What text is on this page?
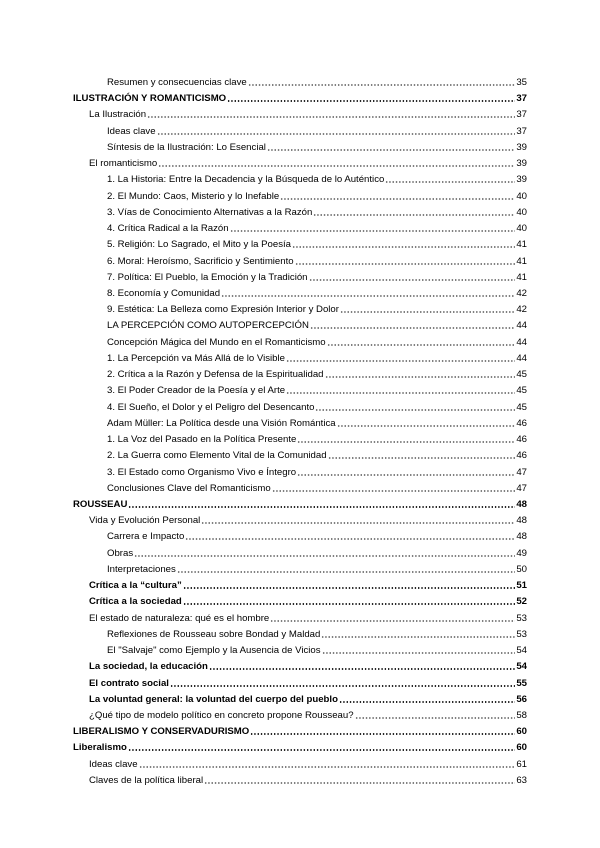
Resumen y consecuencias clave	35
ILUSTRACIÓN Y ROMANTICISMO	37
La Ilustración	37
Ideas clave	37
Síntesis de la Ilustración: Lo Esencial	39
El romanticismo	39
1. La Historia: Entre la Decadencia y la Búsqueda de lo Auténtico	39
2. El Mundo: Caos, Misterio y lo Inefable	40
3. Vías de Conocimiento Alternativas a la Razón	40
4. Crítica Radical a la Razón	40
5. Religión: Lo Sagrado, el Mito y la Poesía	41
6. Moral: Heroísmo, Sacrificio y Sentimiento	41
7. Política: El Pueblo, la Emoción y la Tradición	41
8. Economía y Comunidad	42
9. Estética: La Belleza como Expresión Interior y Dolor	42
LA PERCEPCIÓN COMO AUTOPERCEPCIÓN	44
Concepción Mágica del Mundo en el Romanticismo	44
1. La Percepción va Más Allá de lo Visible	44
2. Crítica a la Razón y Defensa de la Espiritualidad	45
3. El Poder Creador de la Poesía y el Arte	45
4. El Sueño, el Dolor y el Peligro del Desencanto	45
Adam Müller: La Política desde una Visión Romántica	46
1. La Voz del Pasado en la Política Presente	46
2. La Guerra como Elemento Vital de la Comunidad	46
3. El Estado como Organismo Vivo e Íntegro	47
Conclusiones Clave del Romanticismo	47
ROUSSEAU	48
Vida y Evolución Personal	48
Carrera e Impacto	48
Obras	49
Interpretaciones	50
Crítica a la “cultura”	51
Crítica a la sociedad	52
El estado de naturaleza: qué es el hombre	53
Reflexiones de Rousseau sobre Bondad y Maldad	53
El "Salvaje" como Ejemplo y la Ausencia de Vicios	54
La sociedad, la educación	54
El contrato social	55
La voluntad general: la voluntad del cuerpo del pueblo	56
¿Qué tipo de modelo político en concreto propone Rousseau?	58
LIBERALISMO Y CONSERVADURISMO	60
Liberalismo	60
Ideas clave	61
Claves de la política liberal	63
